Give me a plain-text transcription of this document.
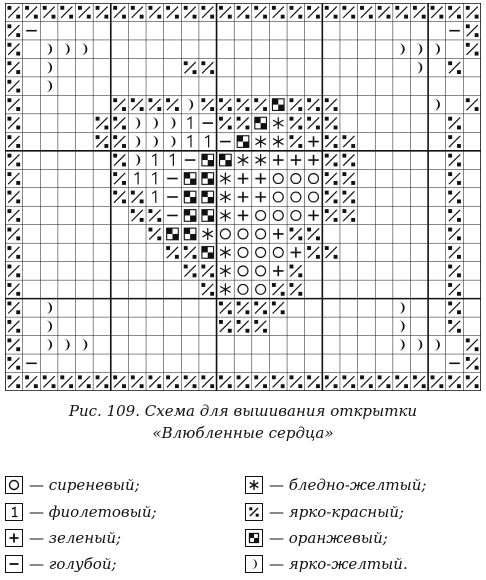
Рис. 109. Схема для вышивания открытки
«Влюбленные сердца»
— сиреневый;
— фиолетовый;
— зеленый;
— голубой;
— бледно-желтый;
— ярко-красный;
— оранжевый;
— ярко-желтый.
